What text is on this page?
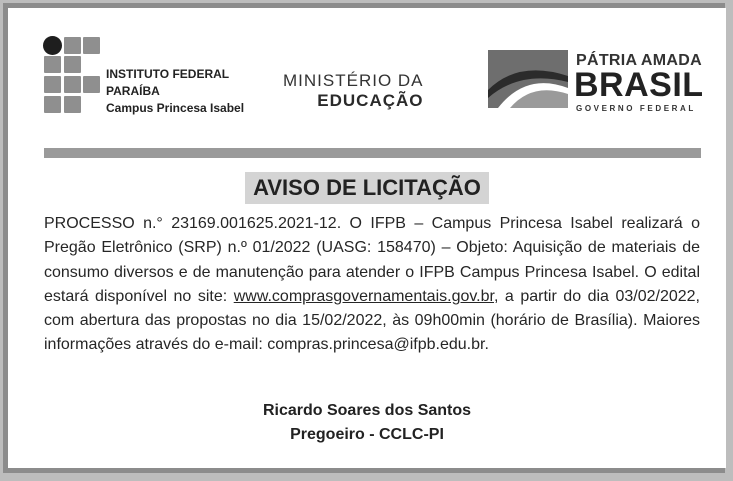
INSTITUTO FEDERAL
PARAÍBA
Campus Princesa Isabel
MINISTÉRIO DA
EDUCAÇÃO
PÁTRIA AMADA
BRASIL
GOVERNO FEDERAL
AVISO DE LICITAÇÃO
PROCESSO n.° 23169.001625.2021-12. O IFPB – Campus Princesa Isabel realizará o Pregão Eletrônico (SRP) n.º 01/2022 (UASG: 158470) – Objeto: Aquisição de materiais de consumo diversos e de manutenção para atender o IFPB Campus Princesa Isabel. O edital estará disponível no site: www.comprasgovernamentais.gov.br, a partir do dia 03/02/2022, com abertura das propostas no dia 15/02/2022, às 09h00min (horário de Brasília). Maiores informações através do e-mail: compras.princesa@ifpb.edu.br.
Ricardo Soares dos Santos
Pregoeiro - CCLC-PI
